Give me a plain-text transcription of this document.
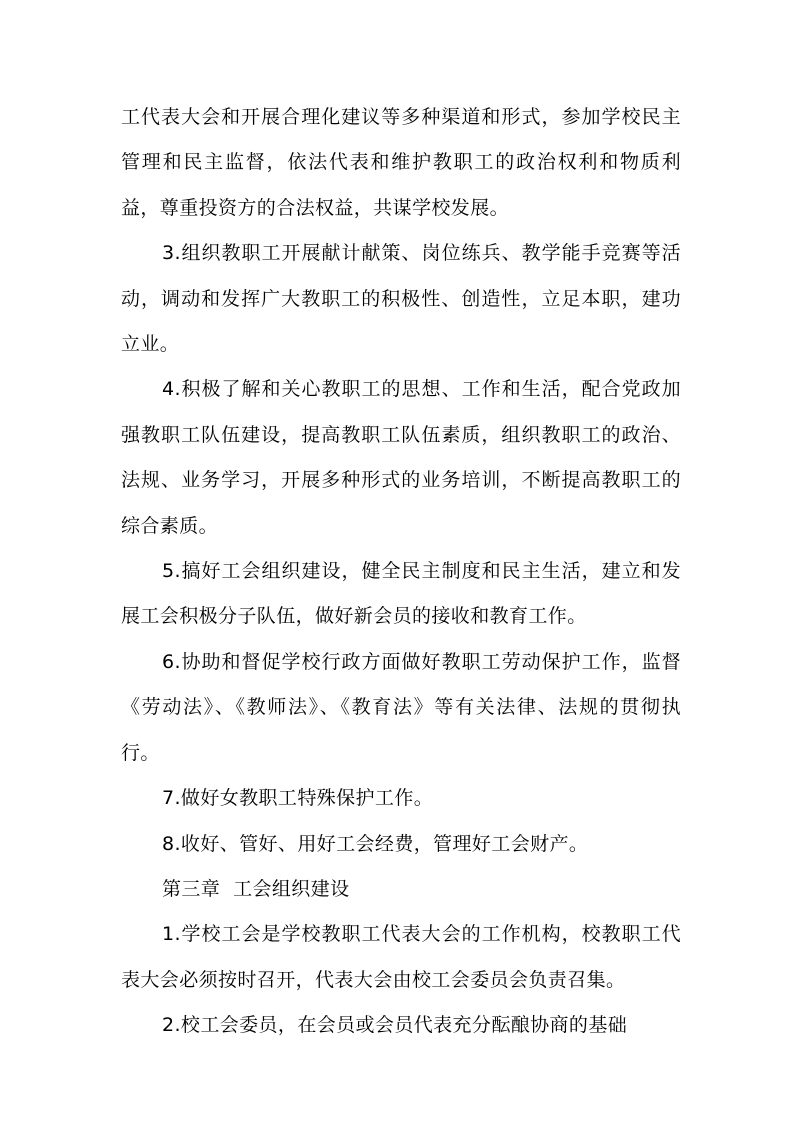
工代表大会和开展合理化建议等多种渠道和形式，参加学校民主管理和民主监督，依法代表和维护教职工的政治权利和物质利益，尊重投资方的合法权益，共谋学校发展。

3.组织教职工开展献计献策、岗位练兵、教学能手竞赛等活动，调动和发挥广大教职工的积极性、创造性，立足本职，建功立业。

4.积极了解和关心教职工的思想、工作和生活，配合党政加强教职工队伍建设，提高教职工队伍素质，组织教职工的政治、法规、业务学习，开展多种形式的业务培训，不断提高教职工的综合素质。

5.搞好工会组织建设，健全民主制度和民主生活，建立和发展工会积极分子队伍，做好新会员的接收和教育工作。

6.协助和督促学校行政方面做好教职工劳动保护工作，监督《劳动法》、《教师法》、《教育法》等有关法律、法规的贯彻执行。

7.做好女教职工特殊保护工作。

8.收好、管好、用好工会经费，管理好工会财产。

第三章  工会组织建设

1.学校工会是学校教职工代表大会的工作机构，校教职工代表大会必须按时召开，代表大会由校工会委员会负责召集。

2.校工会委员，在会员或会员代表充分酝酿协商的基础
